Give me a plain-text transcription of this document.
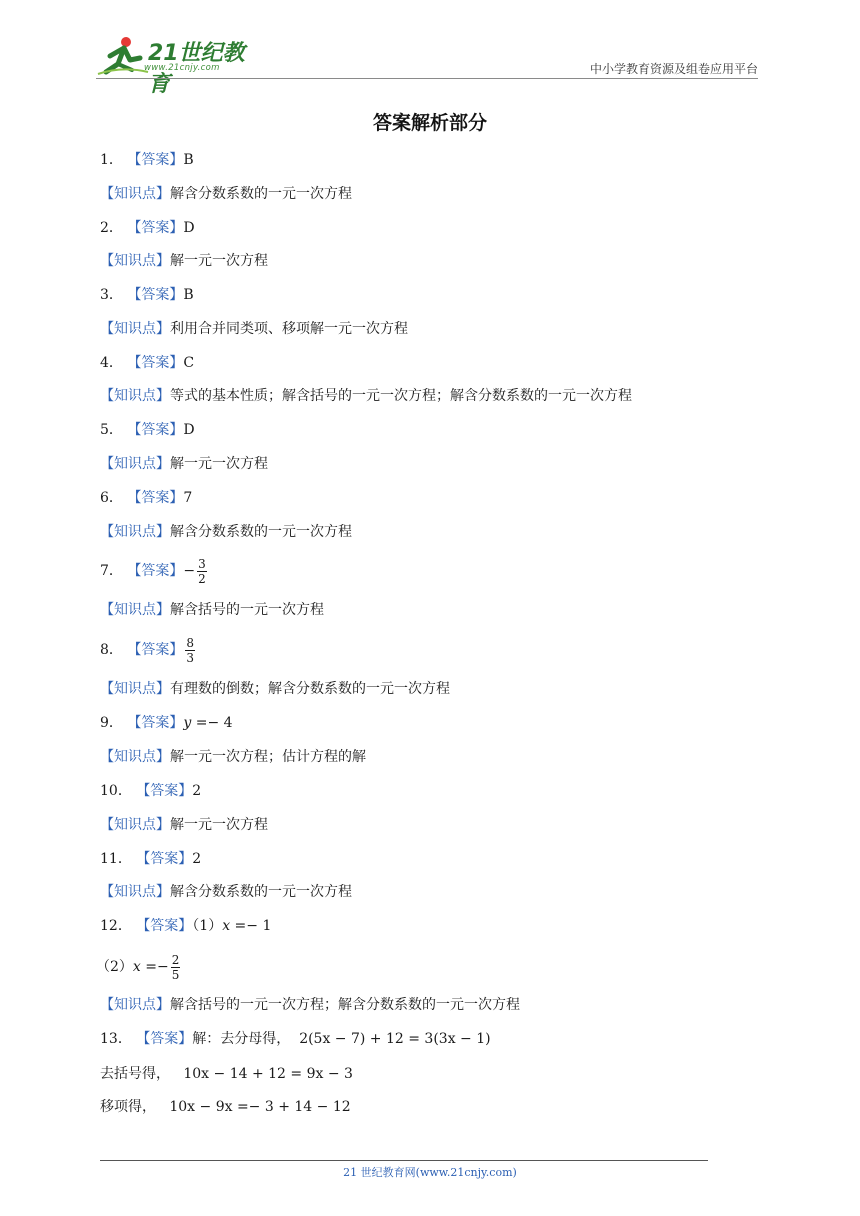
21世纪教育
www.21cnjy.com	中小学教育资源及组卷应用平台
答案解析部分
1． 【答案】B
【知识点】解含分数系数的一元一次方程
2． 【答案】D
【知识点】解一元一次方程
3． 【答案】B
【知识点】利用合并同类项、移项解一元一次方程
4． 【答案】C
【知识点】等式的基本性质；解含括号的一元一次方程；解含分数系数的一元一次方程
5． 【答案】D
【知识点】解一元一次方程
6． 【答案】7
【知识点】解含分数系数的一元一次方程
7． 【答案】− $\frac{3}{2}$
【知识点】解含括号的一元一次方程
8． 【答案】 $\frac{8}{3}$
【知识点】有理数的倒数；解含分数系数的一元一次方程
9． 【答案】y =− 4
【知识点】解一元一次方程；估计方程的解
10． 【答案】2
【知识点】解一元一次方程
11． 【答案】2
【知识点】解含分数系数的一元一次方程
12． 【答案】（1）x =− 1
$(2)x =- \frac{2}{5}$
【知识点】解含括号的一元一次方程；解含分数系数的一元一次方程
13． 【答案】解：去分母得， 2(5x − 7) + 12 = 3(3x − 1)
去括号得， 10x − 14 + 12 = 9x − 3
移项得， 10x − 9x =− 3 + 14 − 12
21 世纪教育网(www.21cnjy.com)
